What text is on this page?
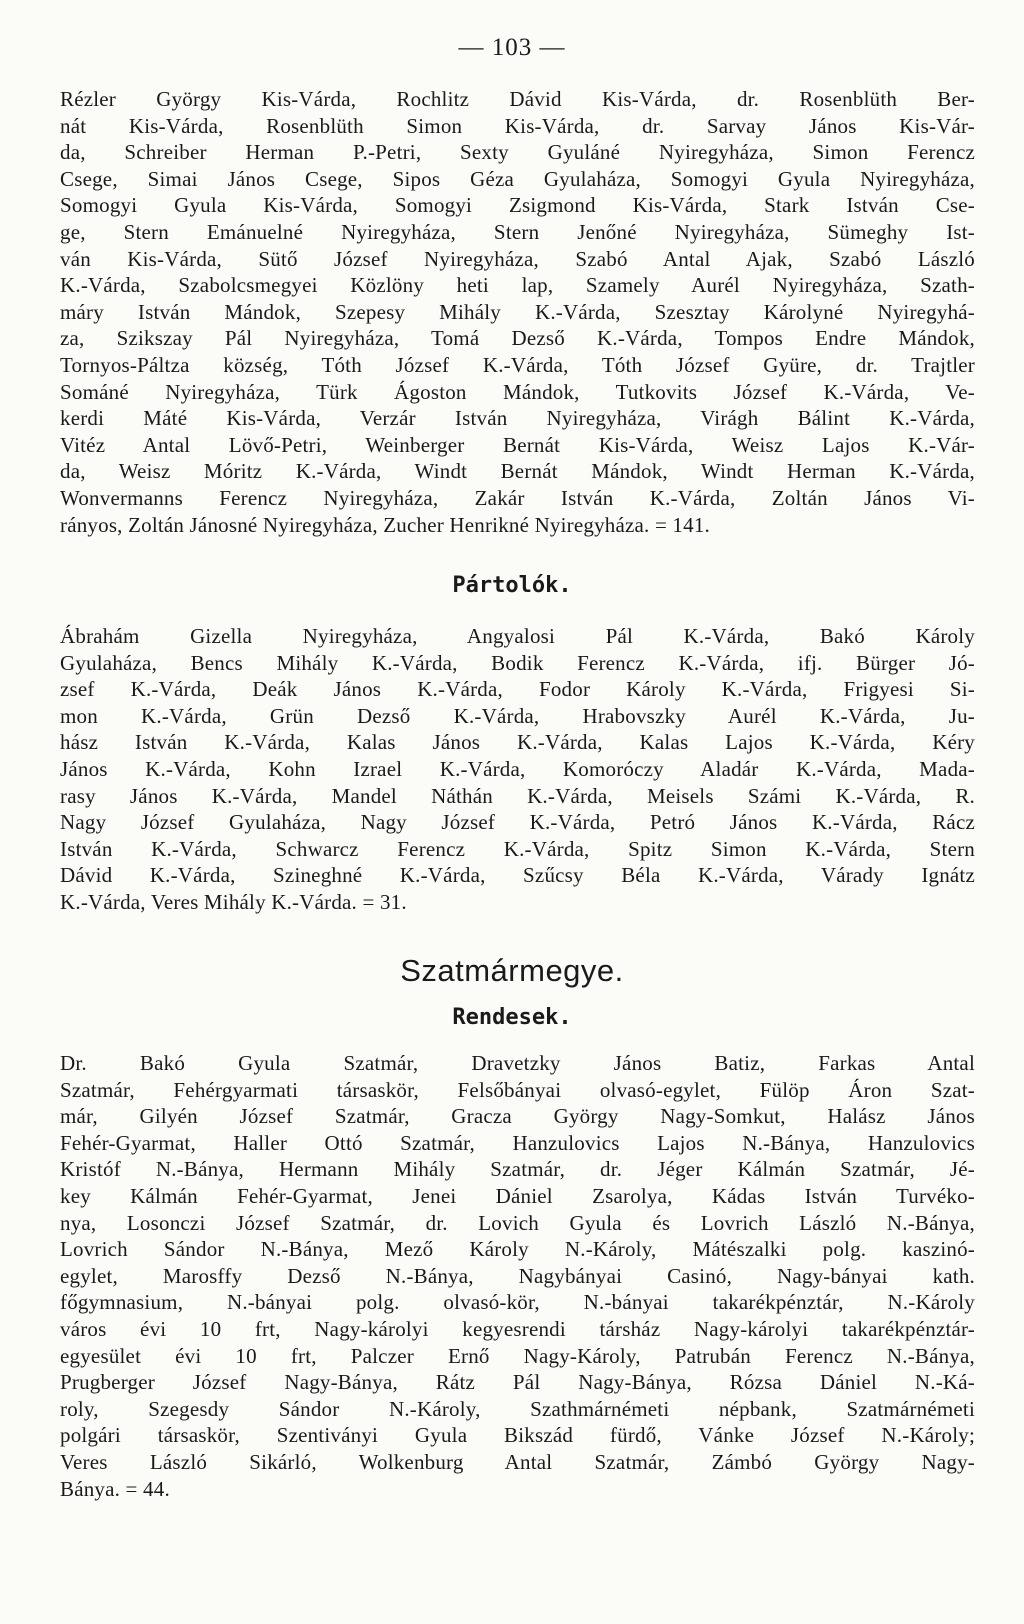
— 103 —
Rézler György Kis-Várda, Rochlitz Dávid Kis-Várda, dr. Rosenblüth Ber-
nát Kis-Várda, Rosenblüth Simon Kis-Várda, dr. Sarvay János Kis-Vár-
da, Schreiber Herman P.-Petri, Sexty Gyuláné Nyiregyháza, Simon Ferencz
Csege, Simai János Csege, Sipos Géza Gyulaháza, Somogyi Gyula Nyiregyháza,
Somogyi Gyula Kis-Várda, Somogyi Zsigmond Kis-Várda, Stark István Cse-
ge, Stern Emánuelné Nyiregyháza, Stern Jenőné Nyiregyháza, Sümeghy Ist-
ván Kis-Várda, Sütő József Nyiregyháza, Szabó Antal Ajak, Szabó László
K.-Várda, Szabolcsmegyei Közlöny heti lap, Szamely Aurél Nyiregyháza, Szath-
máry István Mándok, Szepesy Mihály K.-Várda, Szesztay Károlyné Nyiregyhá-
za, Szikszay Pál Nyiregyháza, Tomá Dezső K.-Várda, Tompos Endre Mándok,
Tornyos-Páltza község, Tóth József K.-Várda, Tóth József Gyüre, dr. Trajtler
Sománé Nyiregyháza, Türk Ágoston Mándok, Tutkovits József K.-Várda, Ve-
kerdi Máté Kis-Várda, Verzár István Nyiregyháza, Virágh Bálint K.-Várda,
Vitéz Antal Lövő-Petri, Weinberger Bernát Kis-Várda, Weisz Lajos K.-Vár-
da, Weisz Móritz K.-Várda, Windt Bernát Mándok, Windt Herman K.-Várda,
Wonvermanns Ferencz Nyiregyháza, Zakár István K.-Várda, Zoltán János Vi-
rányos, Zoltán Jánosné Nyiregyháza, Zucher Henrikné Nyiregyháza. = 141.
Pártolók.
Ábrahám Gizella Nyiregyháza, Angyalosi Pál K.-Várda, Bakó Károly
Gyulaháza, Bencs Mihály K.-Várda, Bodik Ferencz K.-Várda, ifj. Bürger Jó-
zsef K.-Várda, Deák János K.-Várda, Fodor Károly K.-Várda, Frigyesi Si-
mon K.-Várda, Grün Dezső K.-Várda, Hrabovszky Aurél K.-Várda, Ju-
hász István K.-Várda, Kalas János K.-Várda, Kalas Lajos K.-Várda, Kéry
János K.-Várda, Kohn Izrael K.-Várda, Komoróczy Aladár K.-Várda, Mada-
rasy János K.-Várda, Mandel Náthán K.-Várda, Meisels Számi K.-Várda, R.
Nagy József Gyulaháza, Nagy József K.-Várda, Petró János K.-Várda, Rácz
István K.-Várda, Schwarcz Ferencz K.-Várda, Spitz Simon K.-Várda, Stern
Dávid K.-Várda, Szineghné K.-Várda, Szűcsy Béla K.-Várda, Várady Ignátz
K.-Várda, Veres Mihály K.-Várda. = 31.
Szatmármegye.
Rendesek.
Dr. Bakó Gyula Szatmár, Dravetzky János Batiz, Farkas Antal
Szatmár, Fehérgyarmati társaskör, Felsőbányai olvasó-egylet, Fülöp Áron Szat-
már, Gilyén József Szatmár, Gracza György Nagy-Somkut, Halász János
Fehér-Gyarmat, Haller Ottó Szatmár, Hanzulovics Lajos N.-Bánya, Hanzulovics
Kristóf N.-Bánya, Hermann Mihály Szatmár, dr. Jéger Kálmán Szatmár, Jé-
key Kálmán Fehér-Gyarmat, Jenei Dániel Zsarolya, Kádas István Turvéko-
nya, Losonczi József Szatmár, dr. Lovich Gyula és Lovrich László N.-Bánya,
Lovrich Sándor N.-Bánya, Mező Károly N.-Károly, Mátészalki polg. kaszinó-
egylet, Marosffy Dezső N.-Bánya, Nagybányai Casinó, Nagy-bányai kath.
főgymnasium, N.-bányai polg. olvasó-kör, N.-bányai takarékpénztár, N.-Károly
város évi 10 frt, Nagy-károlyi kegyesrendi társház Nagy-károlyi takarékpénztár-
egyesület évi 10 frt, Palczer Ernő Nagy-Károly, Patrubán Ferencz N.-Bánya,
Prugberger József Nagy-Bánya, Rátz Pál Nagy-Bánya, Rózsa Dániel N.-Ká-
roly, Szegesdy Sándor N.-Károly, Szathmárnémeti népbank, Szatmárnémeti
polgári társaskör, Szentiványi Gyula Bikszád fürdő, Vánke József N.-Károly;
Veres László Sikárló, Wolkenburg Antal Szatmár, Zámbó György Nagy-
Bánya. = 44.
